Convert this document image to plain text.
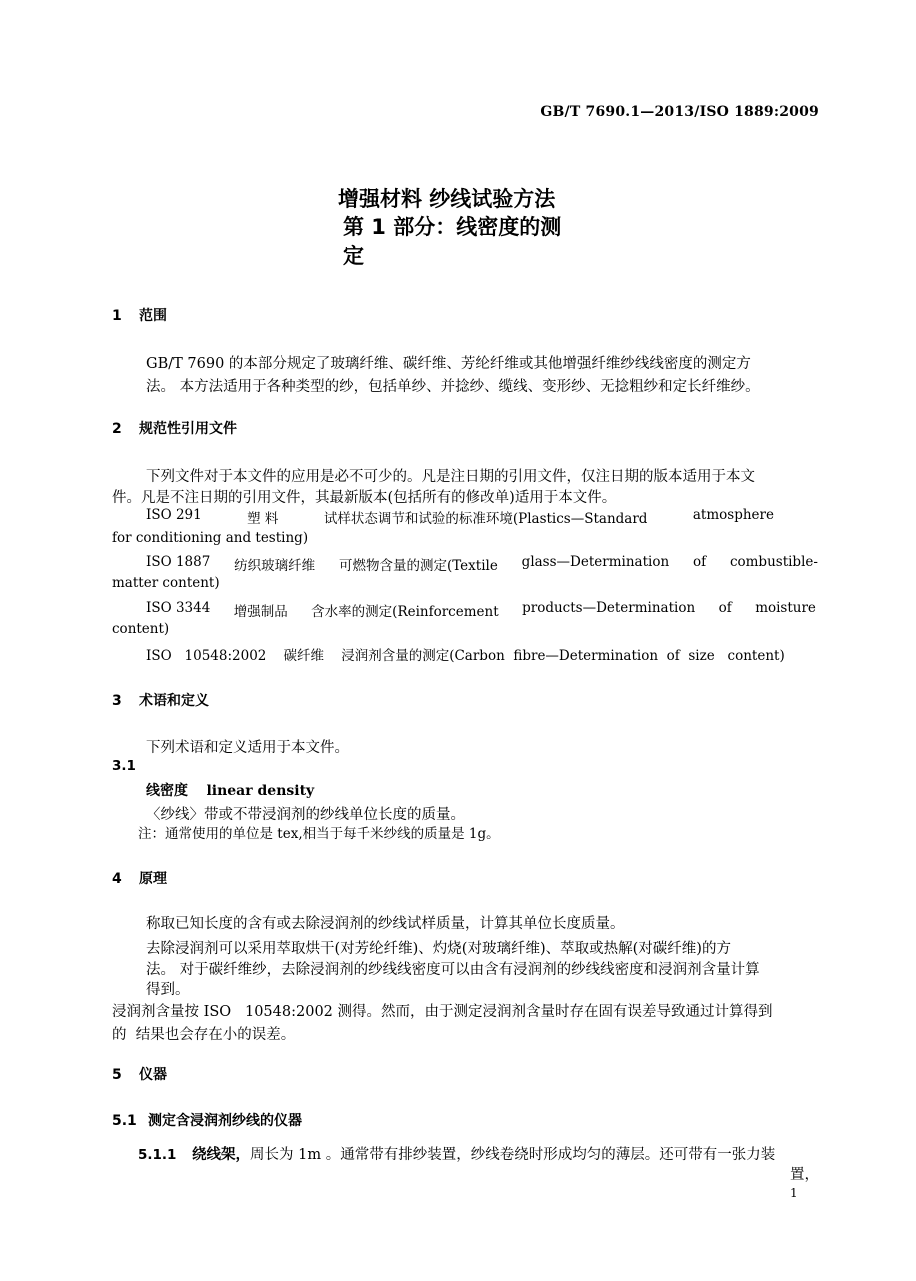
GB/T 7690.1—2013/ISO 1889:2009
增强材料 纱线试验方法
第 1 部分：线密度的测
定
1 范围
GB/T 7690 的本部分规定了玻璃纤维、碳纤维、芳纶纤维或其他增强纤维纱线线密度的测定方
法。 本方法适用于各种类型的纱，包括单纱、并捻纱、缆线、变形纱、无捻粗纱和定长纤维纱。
2 规范性引用文件
下列文件对于本文件的应用是必不可少的。凡是注日期的引用文件，仅注日期的版本适用于本文
件。凡是不注日期的引用文件，其最新版本(包括所有的修改单)适用于本文件。
ISO 291	塑 料	试样状态调节和试验的标准环境(Plastics—Standard	atmosphere
for conditioning and testing)
ISO 1887 纺织玻璃纤维 可燃物含量的测定(Textile glass—Determination of combustible-
matter content)
ISO 3344 增强制品 含水率的测定(Reinforcement products—Determination of moisture
content)
ISO   10548:2002    碳纤维    浸润剂含量的测定(Carbon  fibre—Determination  of  size   content)
3 术语和定义
下列术语和定义适用于本文件。
3.1
线密度 linear density
〈纱线〉带或不带浸润剂的纱线单位长度的质量。
注：通常使用的单位是 tex,相当于每千米纱线的质量是 1g。
4 原理
称取已知长度的含有或去除浸润剂的纱线试样质量，计算其单位长度质量。
去除浸润剂可以采用萃取烘干(对芳纶纤维)、灼烧(对玻璃纤维)、萃取或热解(对碳纤维)的方
法。 对于碳纤维纱，去除浸润剂的纱线线密度可以由含有浸润剂的纱线线密度和浸润剂含量计算
得到。
浸润剂含量按 ISO   10548:2002 测得。然而，由于测定浸润剂含量时存在固有误差导致通过计算得到
的  结果也会存在小的误差。
5 仪器
5.1 测定含浸润剂纱线的仪器
5.1.1 绕线架，周长为 1m 。通常带有排纱装置，纱线卷绕时形成均匀的薄层。还可带有一张力装
置，
1
